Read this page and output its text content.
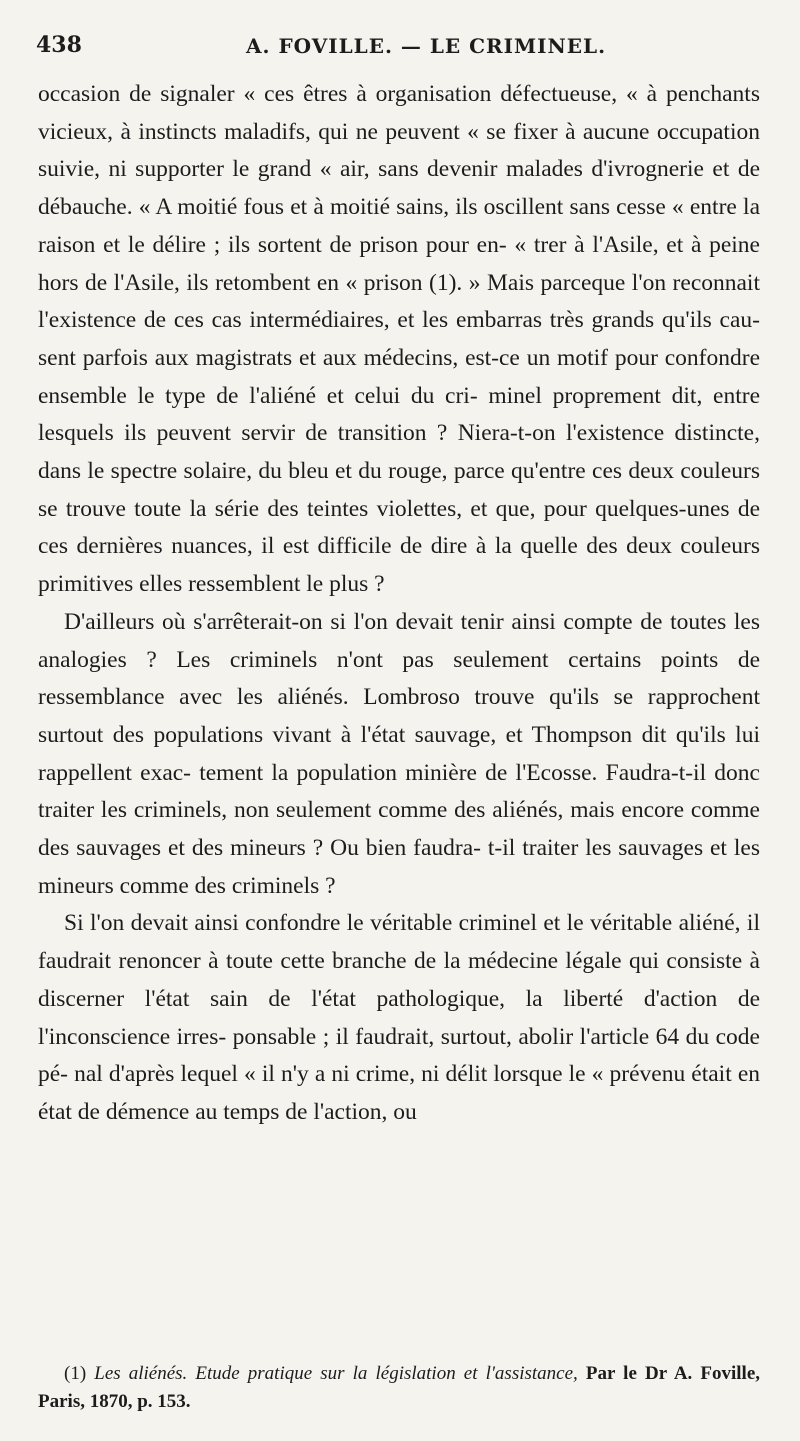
438	A. FOVILLE. — LE CRIMINEL.

occasion de signaler « ces êtres à organisation défectueuse, « à penchants vicieux, à instincts maladifs, qui ne peuvent « se fixer à aucune occupation suivie, ni supporter le grand « air, sans devenir malades d'ivrognerie et de débauche. « A moitié fous et à moitié sains, ils oscillent sans cesse « entre la raison et le délire ; ils sortent de prison pour en- « trer à l'Asile, et à peine hors de l'Asile, ils retombent en « prison (1). » Mais parceque l'on reconnait l'existence de ces cas intermédiaires, et les embarras très grands qu'ils cau- sent parfois aux magistrats et aux médecins, est-ce un motif pour confondre ensemble le type de l'aliéné et celui du cri- minel proprement dit, entre lesquels ils peuvent servir de transition ? Niera-t-on l'existence distincte, dans le spectre solaire, du bleu et du rouge, parce qu'entre ces deux couleurs se trouve toute la série des teintes violettes, et que, pour quelques-unes de ces dernières nuances, il est difficile de dire à la quelle des deux couleurs primitives elles ressemblent le plus ?

D'ailleurs où s'arrêterait-on si l'on devait tenir ainsi compte de toutes les analogies ? Les criminels n'ont pas seulement certains points de ressemblance avec les aliénés. Lombroso trouve qu'ils se rapprochent surtout des populations vivant à l'état sauvage, et Thompson dit qu'ils lui rappellent exac- tement la population minière de l'Ecosse. Faudra-t-il donc traiter les criminels, non seulement comme des aliénés, mais encore comme des sauvages et des mineurs ? Ou bien faudra- t-il traiter les sauvages et les mineurs comme des criminels ?

Si l'on devait ainsi confondre le véritable criminel et le véritable aliéné, il faudrait renoncer à toute cette branche de la médecine légale qui consiste à discerner l'état sain de l'état pathologique, la liberté d'action de l'inconscience irres- ponsable ; il faudrait, surtout, abolir l'article 64 du code pé- nal d'après lequel « il n'y a ni crime, ni délit lorsque le « prévenu était en état de démence au temps de l'action, ou

(1) Les aliénés. Etude pratique sur la législation et l'assistance, Par le Dr A. Foville, Paris, 1870, p. 153.
